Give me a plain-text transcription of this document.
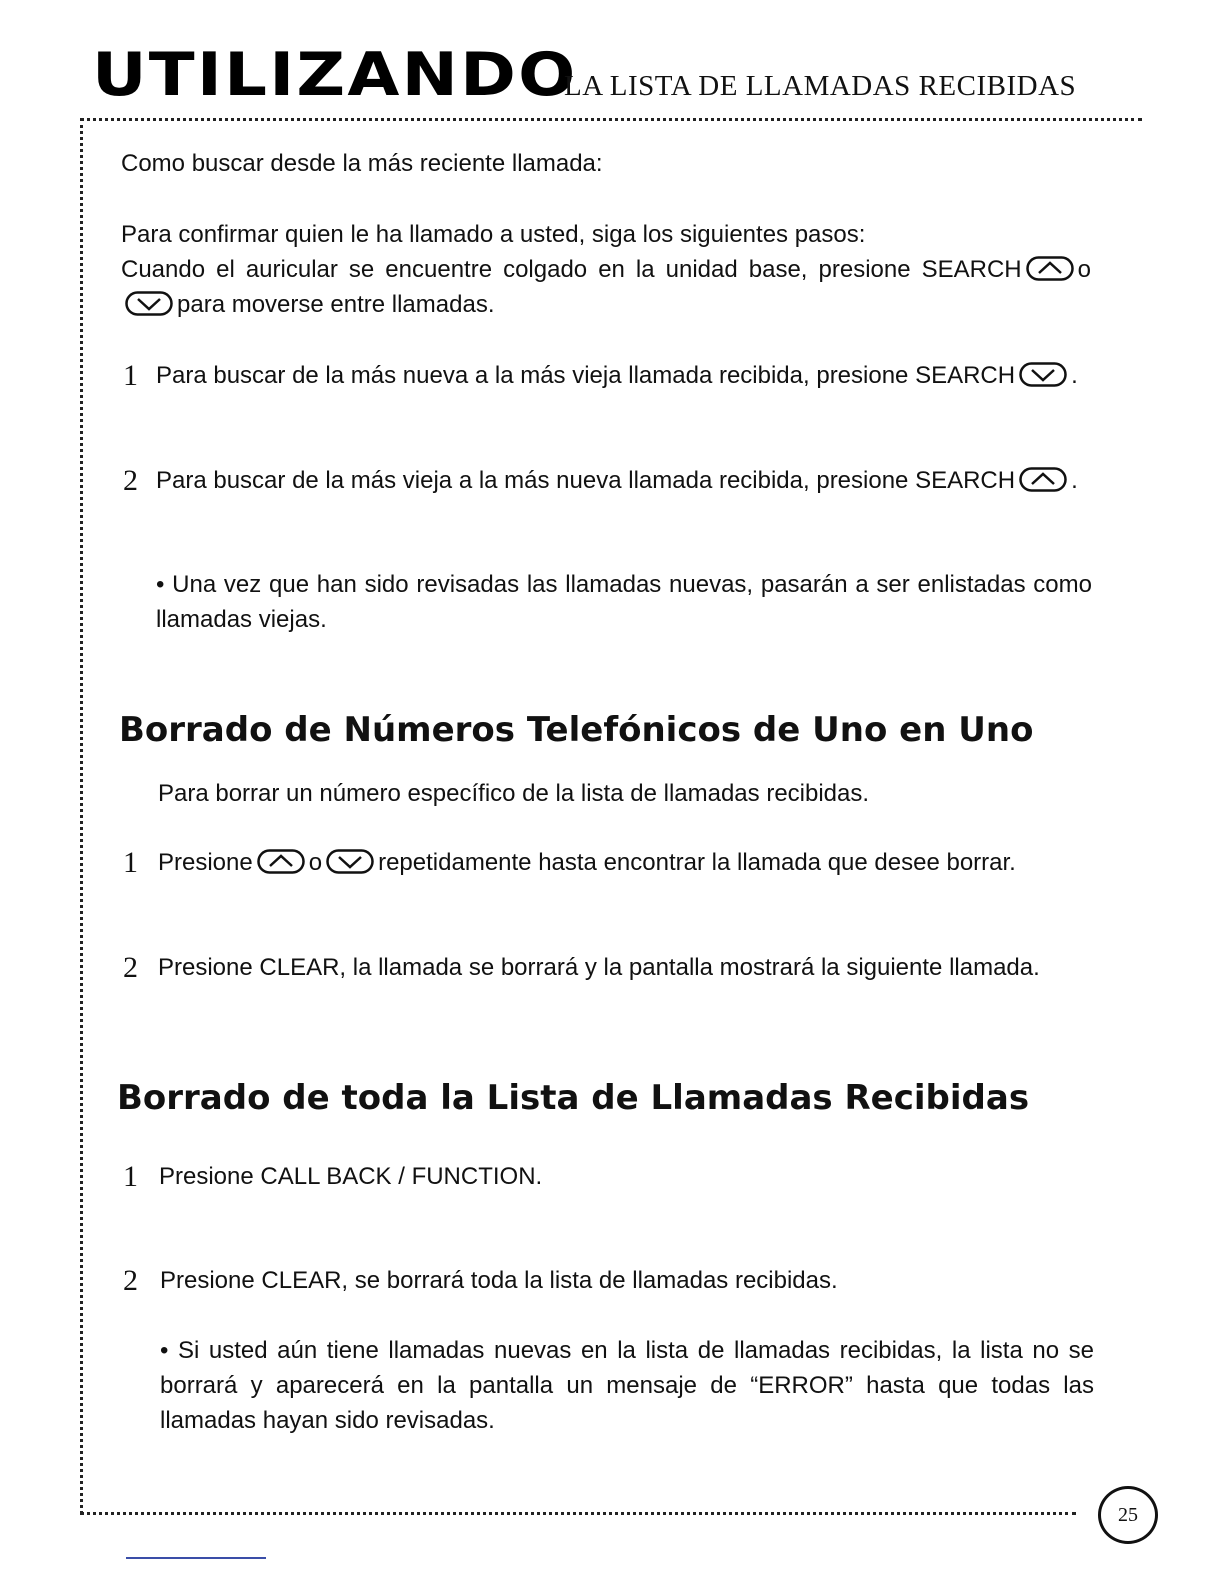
UTILIZANDO
LA LISTA DE LLAMADAS RECIBIDAS
Como buscar desde la más reciente llamada:
Para confirmar quien le ha llamado a usted, siga los siguientes pasos:
Cuando el auricular se encuentre colgado en la unidad base, presione SEARCH o
para moverse entre llamadas.
1 Para buscar de la más nueva a la más vieja llamada recibida, presione SEARCH .
2 Para buscar de la más vieja a la más nueva llamada recibida, presione SEARCH .
• Una vez que han sido revisadas las llamadas nuevas, pasarán a ser enlistadas como llamadas viejas.
Borrado de Números Telefónicos de Uno en Uno
Para borrar un número específico de la lista de llamadas recibidas.
1 Presione o repetidamente hasta encontrar la llamada que desee borrar.
2 Presione CLEAR, la llamada se borrará y la pantalla mostrará la siguiente llamada.
Borrado de toda la Lista de Llamadas Recibidas
1 Presione CALL BACK / FUNCTION.
2 Presione CLEAR, se borrará toda la lista de llamadas recibidas.
• Si usted aún tiene llamadas nuevas en la lista de llamadas recibidas, la lista no se borrará y aparecerá en la pantalla un mensaje de “ERROR” hasta que todas las llamadas hayan sido revisadas.
25
